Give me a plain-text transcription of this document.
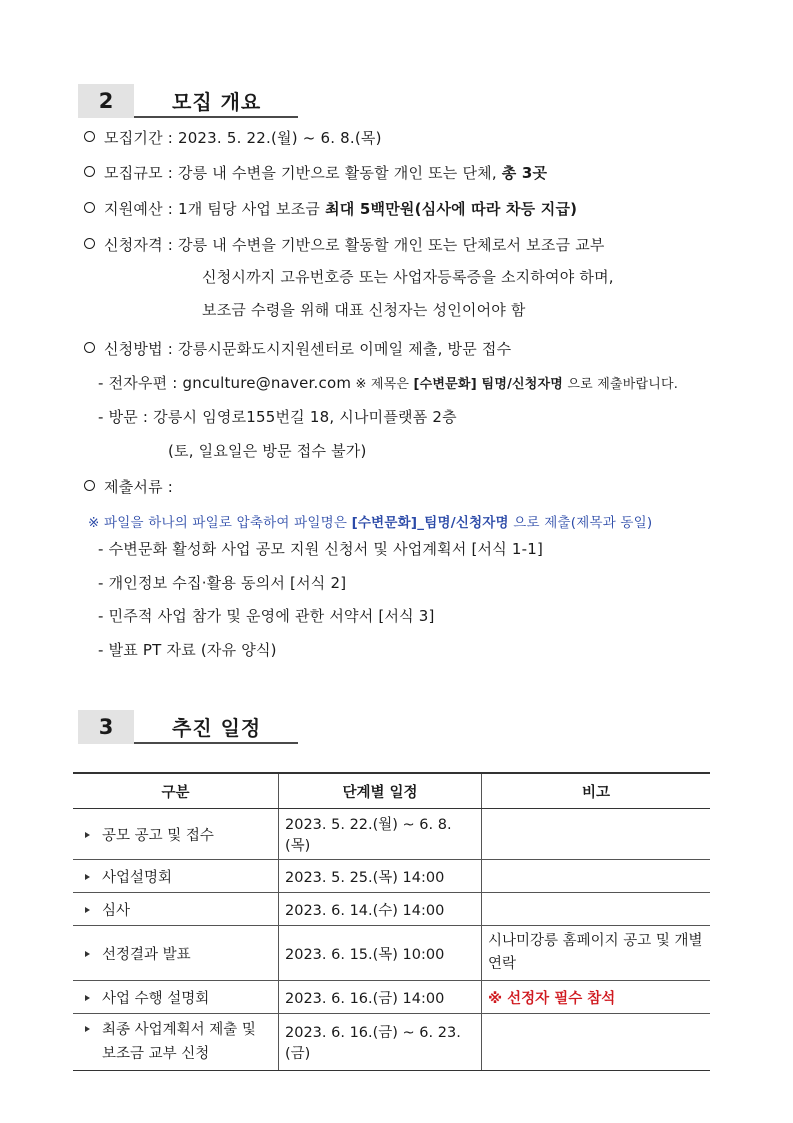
2	모집 개요
모집기간 : 2023. 5. 22.(월) ~ 6. 8.(목)
모집규모 : 강릉 내 수변을 기반으로 활동할 개인 또는 단체, 총 3곳
지원예산 : 1개 팀당 사업 보조금 최대 5백만원(심사에 따라 차등 지급)
신청자격 : 강릉 내 수변을 기반으로 활동할 개인 또는 단체로서 보조금 교부
신청시까지 고유번호증 또는 사업자등록증을 소지하여야 하며,
보조금 수령을 위해 대표 신청자는 성인이어야 함
신청방법 : 강릉시문화도시지원센터로 이메일 제출, 방문 접수
- 전자우편 : gnculture@naver.com ※ 제목은 [수변문화] 팀명/신청자명 으로 제출바랍니다.
- 방문 : 강릉시 임영로155번길 18, 시나미플랫폼 2층
(토, 일요일은 방문 접수 불가)
제출서류 :
※ 파일을 하나의 파일로 압축하여 파일명은 [수변문화]_팀명/신청자명 으로 제출(제목과 동일)
- 수변문화 활성화 사업 공모 지원 신청서 및 사업계획서 [서식 1-1]
- 개인정보 수집·활용 동의서 [서식 2]
- 민주적 사업 참가 및 운영에 관한 서약서 [서식 3]
- 발표 PT 자료 (자유 양식)
3	추진 일정
구분	단계별 일정	비고
공모 공고 및 접수	2023. 5. 22.(월) ~ 6. 8.(목)	
사업설명회	2023. 5. 25.(목) 14:00	
심사	2023. 6. 14.(수) 14:00	
선정결과 발표	2023. 6. 15.(목) 10:00	시나미강릉 홈페이지 공고 및 개별 연락
사업 수행 설명회	2023. 6. 16.(금) 14:00	※ 선정자 필수 참석

최종 사업계획서 제출 및 보조금 교부 신청	2023. 6. 16.(금) ~ 6. 23.(금)	
